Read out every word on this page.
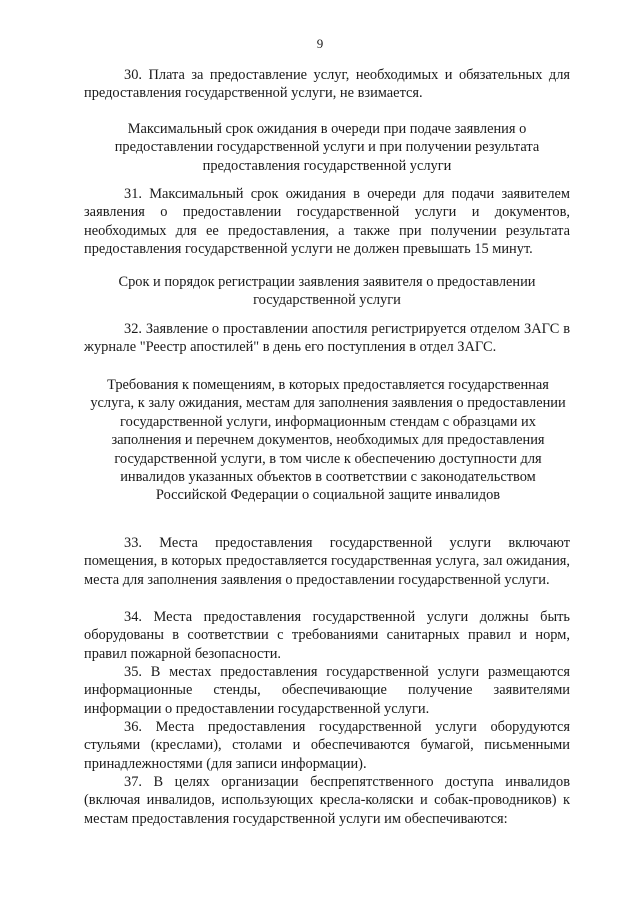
9
30. Плата за предоставление услуг, необходимых и обязательных для предоставления государственной услуги, не взимается.
Максимальный срок ожидания в очереди при подаче заявления о предоставлении государственной услуги и при получении результата предоставления государственной услуги
31. Максимальный срок ожидания в очереди для подачи заявителем заявления о предоставлении государственной услуги и документов, необходимых для ее предоставления, а также при получении результата предоставления государственной услуги не должен превышать 15 минут.
Срок и порядок регистрации заявления заявителя о предоставлении государственной услуги
32. Заявление о проставлении апостиля регистрируется отделом ЗАГС в журнале "Реестр апостилей" в день его поступления в отдел ЗАГС.
Требования к помещениям, в которых предоставляется государственная услуга, к залу ожидания, местам для заполнения заявления о предоставлении государственной услуги, информационным стендам с образцами их заполнения и перечнем документов, необходимых для предоставления государственной услуги, в том числе к обеспечению доступности для инвалидов указанных объектов в соответствии с законодательством Российской Федерации о социальной защите инвалидов
33. Места предоставления государственной услуги включают помещения, в которых предоставляется государственная услуга, зал ожидания, места для заполнения заявления о предоставлении государственной услуги.
34. Места предоставления государственной услуги должны быть оборудованы в соответствии с требованиями санитарных правил и норм, правил пожарной безопасности.
35. В местах предоставления государственной услуги размещаются информационные стенды, обеспечивающие получение заявителями информации о предоставлении государственной услуги.
36. Места предоставления государственной услуги оборудуются стульями (креслами), столами и обеспечиваются бумагой, письменными принадлежностями (для записи информации).
37. В целях организации беспрепятственного доступа инвалидов (включая инвалидов, использующих кресла-коляски и собак-проводников) к местам предоставления государственной услуги им обеспечиваются:
